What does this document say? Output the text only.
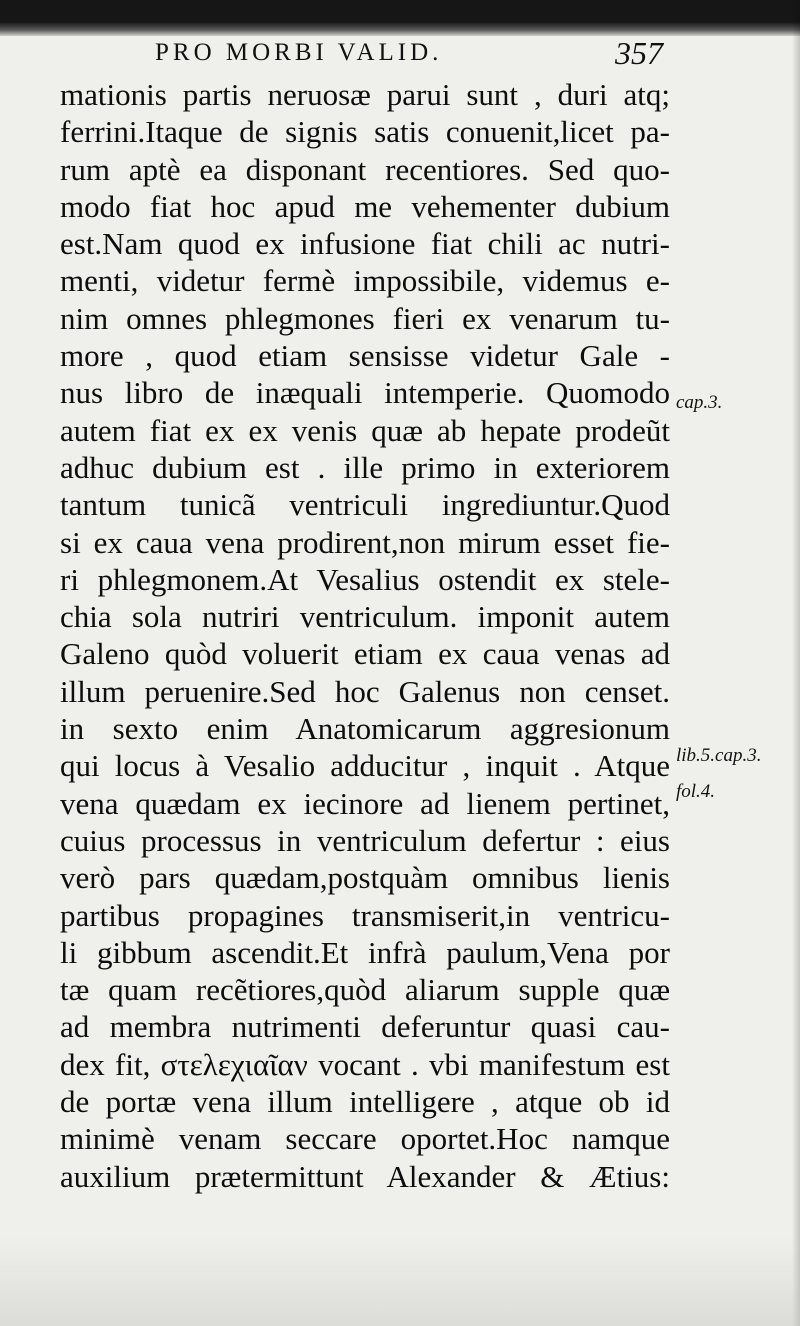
PRO MORBI VALID.	357
mationis partis neruosæ parui sunt , duri atq;
ferrini.Itaque de signis satis conuenit,licet pa-
rum aptè ea disponant recentiores. Sed quo-
modo fiat hoc apud me vehementer dubium
est.Nam quod ex infusione fiat chili ac nutri-
menti, videtur fermè impossibile, videmus e-
nim omnes phlegmones fieri ex venarum tu-
more , quod etiam sensisse videtur Gale -
nus libro de inæquali intemperie. Quomodo
autem fiat ex ex venis quæ ab hepate prodeũt
adhuc dubium est . ille primo in exteriorem
tantum tunicã ventriculi ingrediuntur.Quod
si ex caua vena prodirent,non mirum esset fie-
ri phlegmonem.At Vesalius ostendit ex stele-
chia sola nutriri ventriculum. imponit autem
Galeno quòd voluerit etiam ex caua venas ad
illum peruenire.Sed hoc Galenus non censet.
in sexto enim Anatomicarum aggresionum
qui locus à Vesalio adducitur , inquit . Atque
vena quædam ex iecinore ad lienem pertinet,
cuius processus in ventriculum defertur : eius
verò pars quædam,postquàm omnibus lienis
partibus propagines transmiserit,in ventricu-
li gibbum ascendit.Et infrà paulum,Vena por
tæ quam recẽtiores,quòd aliarum supple quæ
ad membra nutrimenti deferuntur quasi cau-
dex fit, στελεχιαῖαν vocant . vbi manifestum est
de portæ vena illum intelligere , atque ob id
minimè venam seccare oportet.Hoc namque
auxilium prætermittunt Alexander & Ætius:
cap.3.
lib.5.cap.3.
fol.4.
